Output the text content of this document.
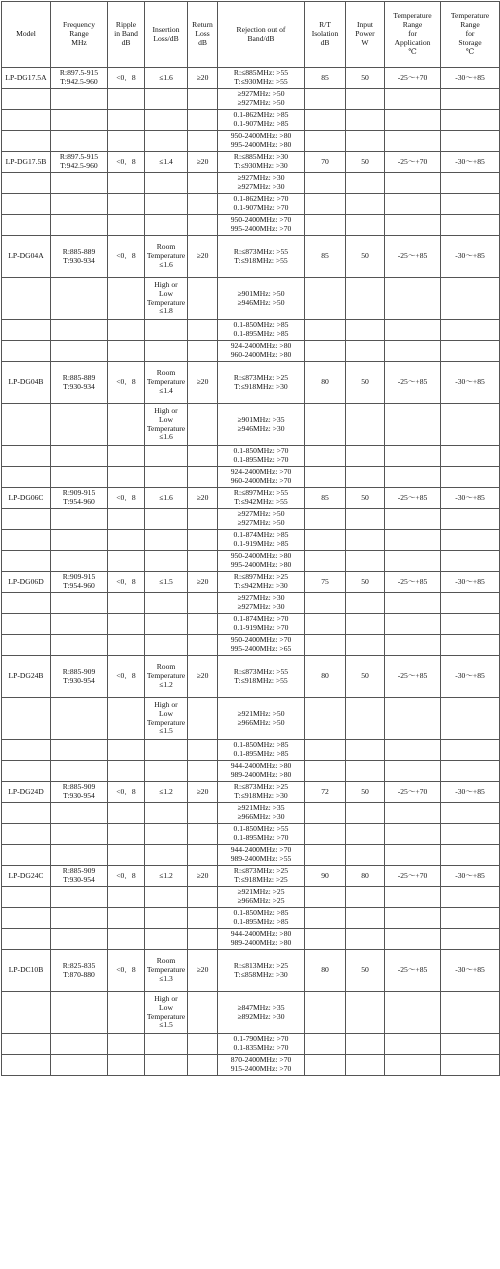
Model	Frequency
Range
MHz	Ripple
in Band
dB	Insertion
Loss/dB	Return
Loss
dB	Rejection out of
Band/dB	R/T
Isolation
dB	Input
Power
W	Temperature
Range
for
Application
℃	Temperature
Range
for
Storage
℃

LP-DG17.5A	R:897.5-915
T:942.5-960	<0．8	≤1.6	≥20	R:≤885MHz: >55
T:≤930MHz: >55	85	50	-25～+70	-30～+85

					≥927MHz: >50
≥927MHz: >50				

					0.1-862MHz: >85
0.1-907MHz: >85				

					950-2400MHz: >80
995-2400MHz: >80				

LP-DG17.5B	R:897.5-915
T:942.5-960	<0．8	≤1.4	≥20	R:≤885MHz: >30
T:≤930MHz: >30	70	50	-25～+70	-30～+85

					≥927MHz: >30
≥927MHz: >30				

					0.1-862MHz: >70
0.1-907MHz: >70				

					950-2400MHz: >70
995-2400MHz: >70				

LP-DG04A	R:885-889
T:930-934	<0．8	Room
Temperature
≤1.6	≥20	R:≤873MHz: >55
T:≤918MHz: >55	85	50	-25～+85	-30～+85

			High or
Low
Temperature
≤1.8		≥901MHz: >50
≥946MHz: >50				

					0.1-850MHz: >85
0.1-895MHz: >85				

					924-2400MHz: >80
960-2400MHz: >80				

LP-DG04B	R:885-889
T:930-934	<0．8	Room
Temperature
≤1.4	≥20	R:≤873MHz: >25
T:≤918MHz: >30	80	50	-25～+85	-30～+85

			High or
Low
Temperature
≤1.6		≥901MHz: >35
≥946MHz: >30				

					0.1-850MHz: >70
0.1-895MHz: >70				

					924-2400MHz: >70
960-2400MHz: >70				

LP-DG06C	R:909-915
T:954-960	<0．8	≤1.6	≥20	R:≤897MHz: >55
T:≤942MHz: >55	85	50	-25～+85	-30～+85

					≥927MHz: >50
≥927MHz: >50				

					0.1-874MHz: >85
0.1-919MHz: >85				

					950-2400MHz: >80
995-2400MHz: >80				

LP-DG06D	R:909-915
T:954-960	<0．8	≤1.5	≥20	R:≤897MHz: >25
T:≤942MHz: >30	75	50	-25～+85	-30～+85

					≥927MHz: >30
≥927MHz: >30				

					0.1-874MHz: >70
0.1-919MHz: >70				

					950-2400MHz: >70
995-2400MHz: >65				

LP-DG24B	R:885-909
T:930-954	<0．8	Room
Temperature
≤1.2	≥20	R:≤873MHz: >55
T:≤918MHz: >55	80	50	-25～+85	-30～+85

			High or
Low
Temperature
≤1.5		≥921MHz: >50
≥966MHz: >50				

					0.1-850MHz: >85
0.1-895MHz: >85				

					944-2400MHz: >80
989-2400MHz: >80				

LP-DG24D	R:885-909
T:930-954	<0．8	≤1.2	≥20	R:≤873MHz: >25
T:≤918MHz: >30	72	50	-25～+70	-30～+85

					≥921MHz: >35
≥966MHz: >30				

					0.1-850MHz: >55
0.1-895MHz: >70				

					944-2400MHz: >70
989-2400MHz: >55				

LP-DG24C	R:885-909
T:930-954	<0．8	≤1.2	≥20	R:≤873MHz: >25
T:≤918MHz: >25	90	80	-25～+70	-30～+85

					≥921MHz: >25
≥966MHz: >25				

					0.1-850MHz: >85
0.1-895MHz: >85				

					944-2400MHz: >80
989-2400MHz: >80				

LP-DC10B	R:825-835
T:870-880	<0．8	Room
Temperature
≤1.3	≥20	R:≤813MHz: >25
T:≤858MHz: >30	80	50	-25～+85	-30～+85

			High or
Low
Temperature
≤1.5		≥847MHz: >35
≥892MHz: >30				

					0.1-790MHz: >70
0.1-835MHz: >70				

					870-2400MHz: >70
915-2400MHz: >70				
